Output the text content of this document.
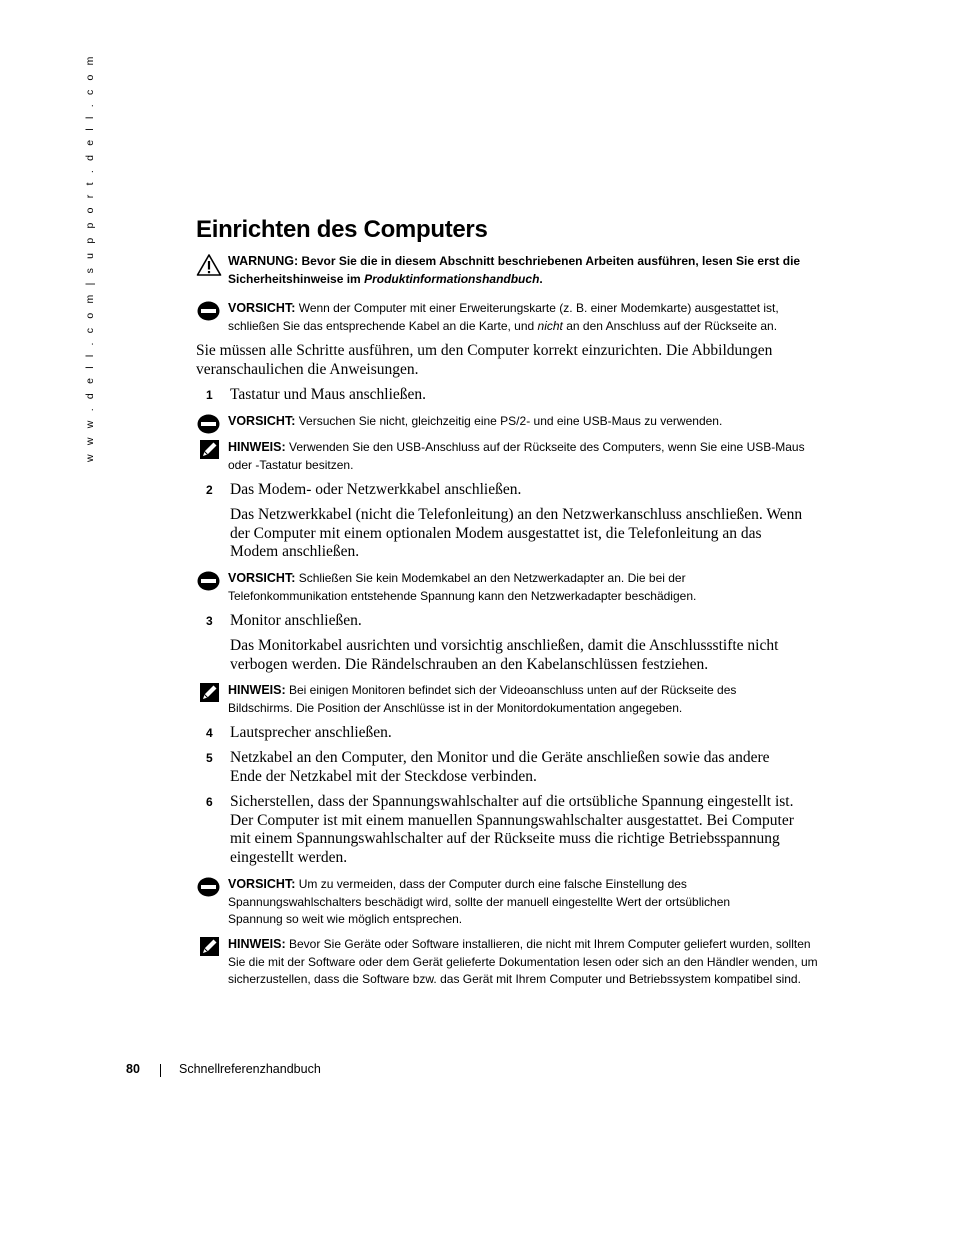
w w w . d e l l . c o m | s u p p o r t . d e l l . c o m	Einrichten des Computers
WARNUNG: Bevor Sie die in diesem Abschnitt beschriebenen Arbeiten ausführen, lesen Sie erst die Sicherheitshinweise im Produktinformationshandbuch.
VORSICHT: Wenn der Computer mit einer Erweiterungskarte (z. B. einer Modemkarte) ausgestattet ist, schließen Sie das entsprechende Kabel an die Karte, und nicht an den Anschluss auf der Rückseite an.

Sie müssen alle Schritte ausführen, um den Computer korrekt einzurichten. Die Abbildungen veranschaulichen die Anweisungen.

1	Tastatur und Maus anschließen.
VORSICHT: Versuchen Sie nicht, gleichzeitig eine PS/2- und eine USB-Maus zu verwenden.
HINWEIS: Verwenden Sie den USB-Anschluss auf der Rückseite des Computers, wenn Sie eine USB-Maus oder -Tastatur besitzen.
2	Das Modem- oder Netzwerkkabel anschließen.
Das Netzwerkkabel (nicht die Telefonleitung) an den Netzwerkanschluss anschließen. Wenn der Computer mit einem optionalen Modem ausgestattet ist, die Telefonleitung an das Modem anschließen.
VORSICHT: Schließen Sie kein Modemkabel an den Netzwerkadapter an. Die bei der Telefonkommunikation entstehende Spannung kann den Netzwerkadapter beschädigen.
3	Monitor anschließen.
Das Monitorkabel ausrichten und vorsichtig anschließen, damit die Anschlussstifte nicht verbogen werden. Die Rändelschrauben an den Kabelanschlüssen festziehen.
HINWEIS: Bei einigen Monitoren befindet sich der Videoanschluss unten auf der Rückseite des Bildschirms. Die Position der Anschlüsse ist in der Monitordokumentation angegeben.
4	Lautsprecher anschließen.
5	Netzkabel an den Computer, den Monitor und die Geräte anschließen sowie das andere Ende der Netzkabel mit der Steckdose verbinden.
6	Sicherstellen, dass der Spannungswahlschalter auf die ortsübliche Spannung eingestellt ist. Der Computer ist mit einem manuellen Spannungswahlschalter ausgestattet. Bei Computer mit einem Spannungswahlschalter auf der Rückseite muss die richtige Betriebsspannung eingestellt werden.
VORSICHT: Um zu vermeiden, dass der Computer durch eine falsche Einstellung des Spannungswahlschalters beschädigt wird, sollte der manuell eingestellte Wert der ortsüblichen Spannung so weit wie möglich entsprechen.
HINWEIS: Bevor Sie Geräte oder Software installieren, die nicht mit Ihrem Computer geliefert wurden, sollten Sie die mit der Software oder dem Gerät gelieferte Dokumentation lesen oder sich an den Händler wenden, um sicherzustellen, dass die Software bzw. das Gerät mit Ihrem Computer und Betriebssystem kompatibel sind.
80	Schnellreferenzhandbuch
